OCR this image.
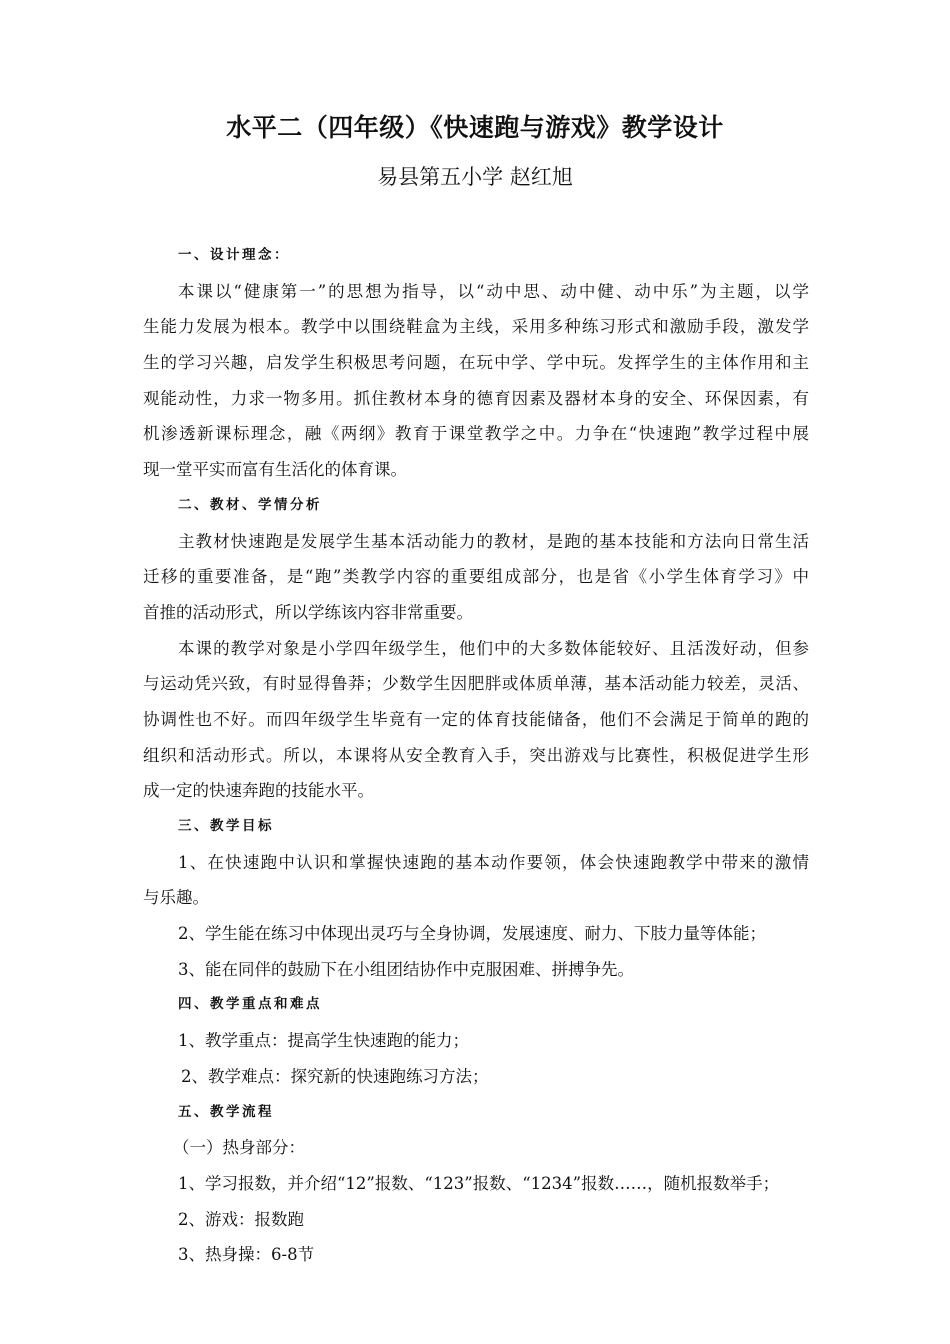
水平二（四年级）《快速跑与游戏》教学设计

易县第五小学 赵红旭

一、设计理念：
本课以“健康第一”的思想为指导，以“动中思、动中健、动中乐”为主题，以学
生能力发展为根本。教学中以围绕鞋盒为主线，采用多种练习形式和激励手段，激发学
生的学习兴趣，启发学生积极思考问题，在玩中学、学中玩。发挥学生的主体作用和主
观能动性，力求一物多用。抓住教材本身的德育因素及器材本身的安全、环保因素，有
机渗透新课标理念，融《两纲》教育于课堂教学之中。力争在“快速跑”教学过程中展
现一堂平实而富有生活化的体育课。
二、教材、学情分析
主教材快速跑是发展学生基本活动能力的教材，是跑的基本技能和方法向日常生活
迁移的重要准备，是“跑”类教学内容的重要组成部分，也是省《小学生体育学习》中
首推的活动形式，所以学练该内容非常重要。
本课的教学对象是小学四年级学生，他们中的大多数体能较好、且活泼好动，但参
与运动凭兴致，有时显得鲁莽；少数学生因肥胖或体质单薄，基本活动能力较差，灵活、
协调性也不好。而四年级学生毕竟有一定的体育技能储备，他们不会满足于简单的跑的
组织和活动形式。所以，本课将从安全教育入手，突出游戏与比赛性，积极促进学生形
成一定的快速奔跑的技能水平。
三、教学目标
1、在快速跑中认识和掌握快速跑的基本动作要领，体会快速跑教学中带来的激情
与乐趣。
2、学生能在练习中体现出灵巧与全身协调，发展速度、耐力、下肢力量等体能；
3、能在同伴的鼓励下在小组团结协作中克服困难、拼搏争先。
四、教学重点和难点
1、教学重点：提高学生快速跑的能力；
2、教学难点：探究新的快速跑练习方法；
五、教学流程
（一）热身部分：
1、学习报数，并介绍“12”报数、“123”报数、“1234”报数……，随机报数举手；
2、游戏：报数跑
3、热身操：6-8节
